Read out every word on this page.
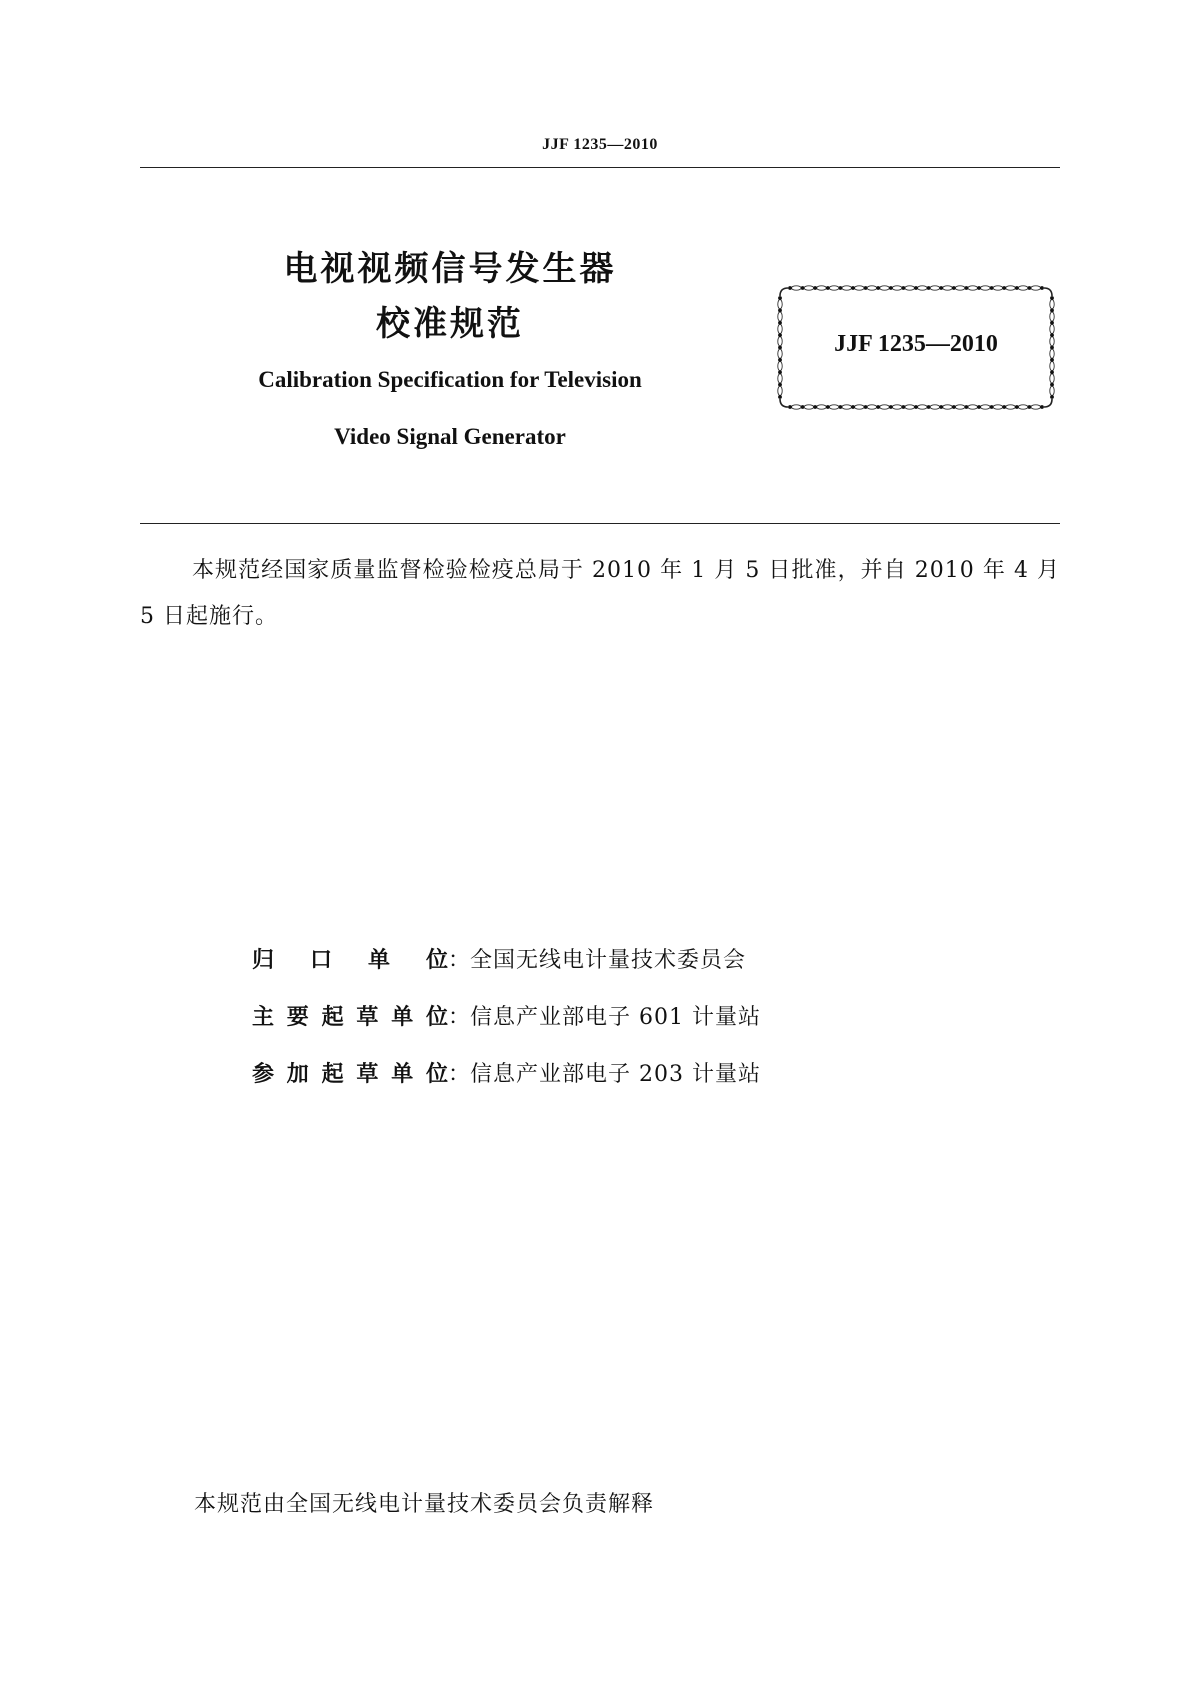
JJF 1235—2010
电视视频信号发生器
校准规范
Calibration Specification for Television
Video Signal Generator
JJF 1235—2010
本规范经国家质量监督检验检疫总局于 2010 年 1 月 5 日批准，并自 2010 年 4 月 5 日起施行。
归口单位：全国无线电计量技术委员会
主要起草单位：信息产业部电子 601 计量站
参加起草单位：信息产业部电子 203 计量站
本规范由全国无线电计量技术委员会负责解释
